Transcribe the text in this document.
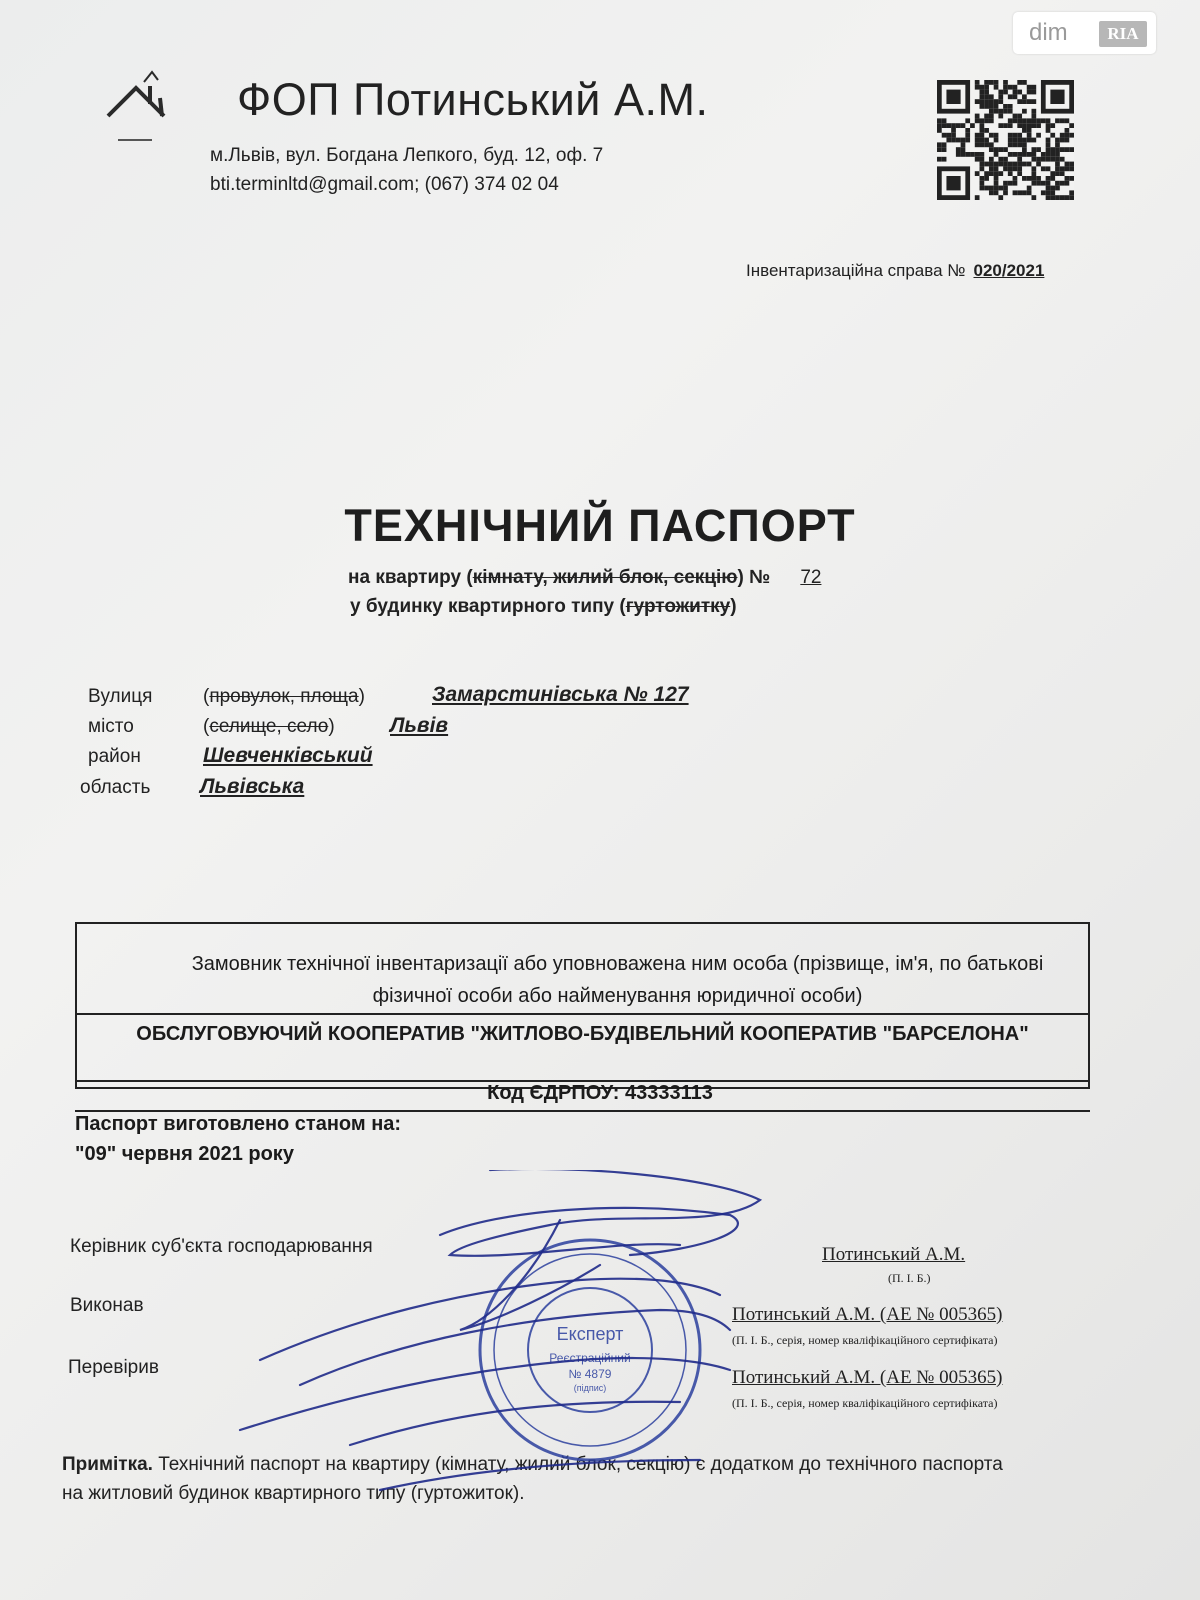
dim	RIA
ФОП Потинський А.М.
м.Львів, вул. Богдана Лепкого, буд. 12, оф. 7
bti.terminltd@gmail.com; (067) 374 02 04
Інвентаризаційна справа № 020/2021
ТЕХНІЧНИЙ ПАСПОРТ
на квартиру (кімнату, жилий блок, секцію) № 72
у будинку квартирного типу (гуртожитку)
Вулиця	(провулок, площа)	Замарстинівська № 127
місто	(селище, село)	Львів
район	Шевченківський
область Львівська
Замовник технічної інвентаризації або уповноважена ним особа (прізвище, ім'я, по батькові фізичної особи або найменування юридичної особи)
ОБСЛУГОВУЮЧИЙ КООПЕРАТИВ "ЖИТЛОВО-БУДІВЕЛЬНИЙ КООПЕРАТИВ "БАРСЕЛОНА"
Код ЄДРПОУ: 43333113
Паспорт виготовлено станом на:
"09" червня 2021 року
Керівник суб'єкта господарювання	Потинський А.М.
(П. І. Б.)
Виконав	Потинський А.М. (АЕ № 005365)
(П. І. Б., серія, номер кваліфікаційного сертифіката)
Перевірив	Потинський А.М. (АЕ № 005365)
(П. І. Б., серія, номер кваліфікаційного сертифіката)
Примітка. Технічний паспорт на квартиру (кімнату, жилий блок, секцію) є додатком до технічного паспорта на житловий будинок квартирного типу (гуртожиток).
Експерт
Реєстраційний
№ 4879
(підпис)
